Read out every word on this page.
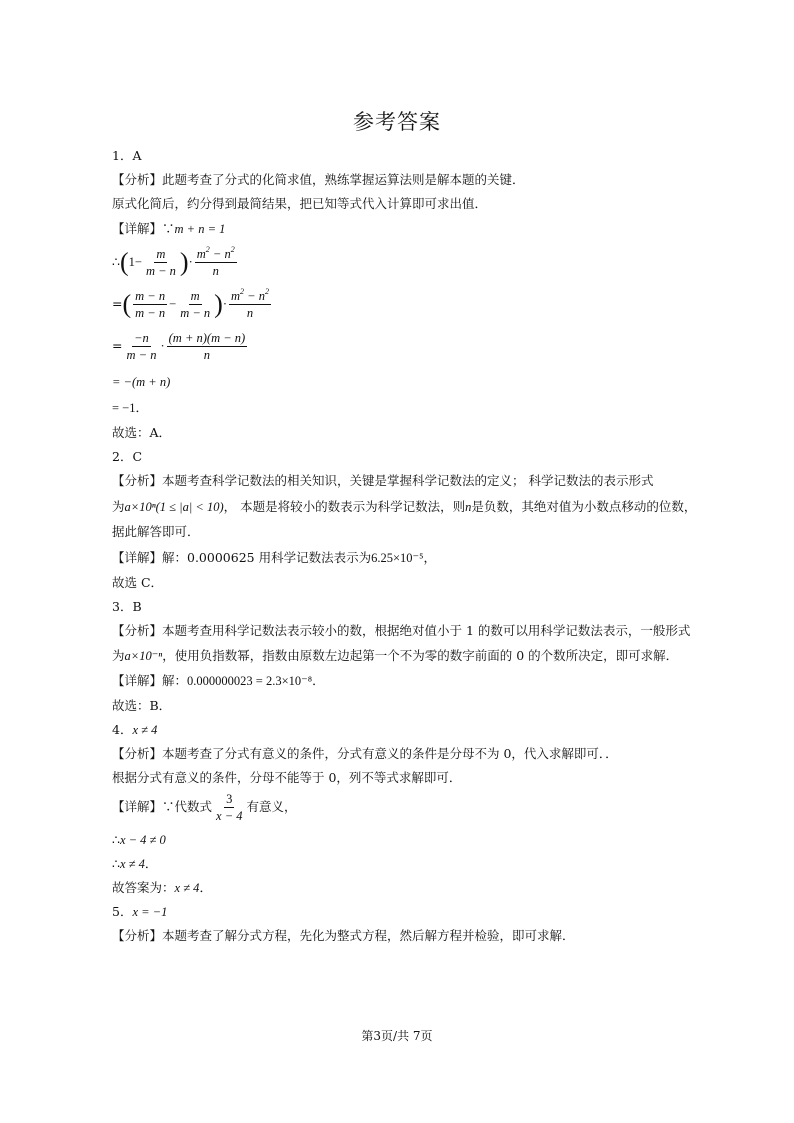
参考答案
1．A
【分析】此题考查了分式的化简求值，熟练掌握运算法则是解本题的关键．
原式化简后，约分得到最简结果，把已知等式代入计算即可求出值．
【详解】∵m + n = 1
∴(1− $\frac{m}{m - n}$ )· $\frac{m^2 - n^2}{n}$
=( $\frac{m - n}{m - n} - \frac{m}{m - n}$ )· $\frac{m^2 - n^2}{n}$
= $\frac{-n}{m - n} \cdot \frac{(m + n)(m - n)}{n}$
= −(m + n)
= −1．
故选：A．
2．C
【分析】本题考查科学记数法的相关知识，关键是掌握科学记数法的定义； 科学记数法的表示形式
为a×10ⁿ(1 ≤ |a| < 10)， 本题是将较小的数表示为科学记数法，则n是负数，其绝对值为小数点移动的位数，
据此解答即可．
【详解】解：0.0000625 用科学记数法表示为6.25×10⁻⁵，
故选 C．
3．B
【分析】本题考查用科学记数法表示较小的数，根据绝对值小于 1 的数可以用科学记数法表示，一般形式
为a×10⁻ⁿ，使用负指数幂，指数由原数左边起第一个不为零的数字前面的 0 的个数所决定，即可求解．
【详解】解：0.000000023 = 2.3×10⁻⁸．
故选：B．
4．x ≠ 4
【分析】本题考查了分式有意义的条件，分式有意义的条件是分母不为 0，代入求解即可．．
根据分式有意义的条件，分母不能等于 0，列不等式求解即可．
【详解】∵代数式 $\frac{3}{x - 4}$ 有意义，
∴x − 4 ≠ 0
∴x ≠ 4．
故答案为：x ≠ 4．
5．x = −1
【分析】本题考查了解分式方程，先化为整式方程，然后解方程并检验，即可求解．
第3页/共 7页
